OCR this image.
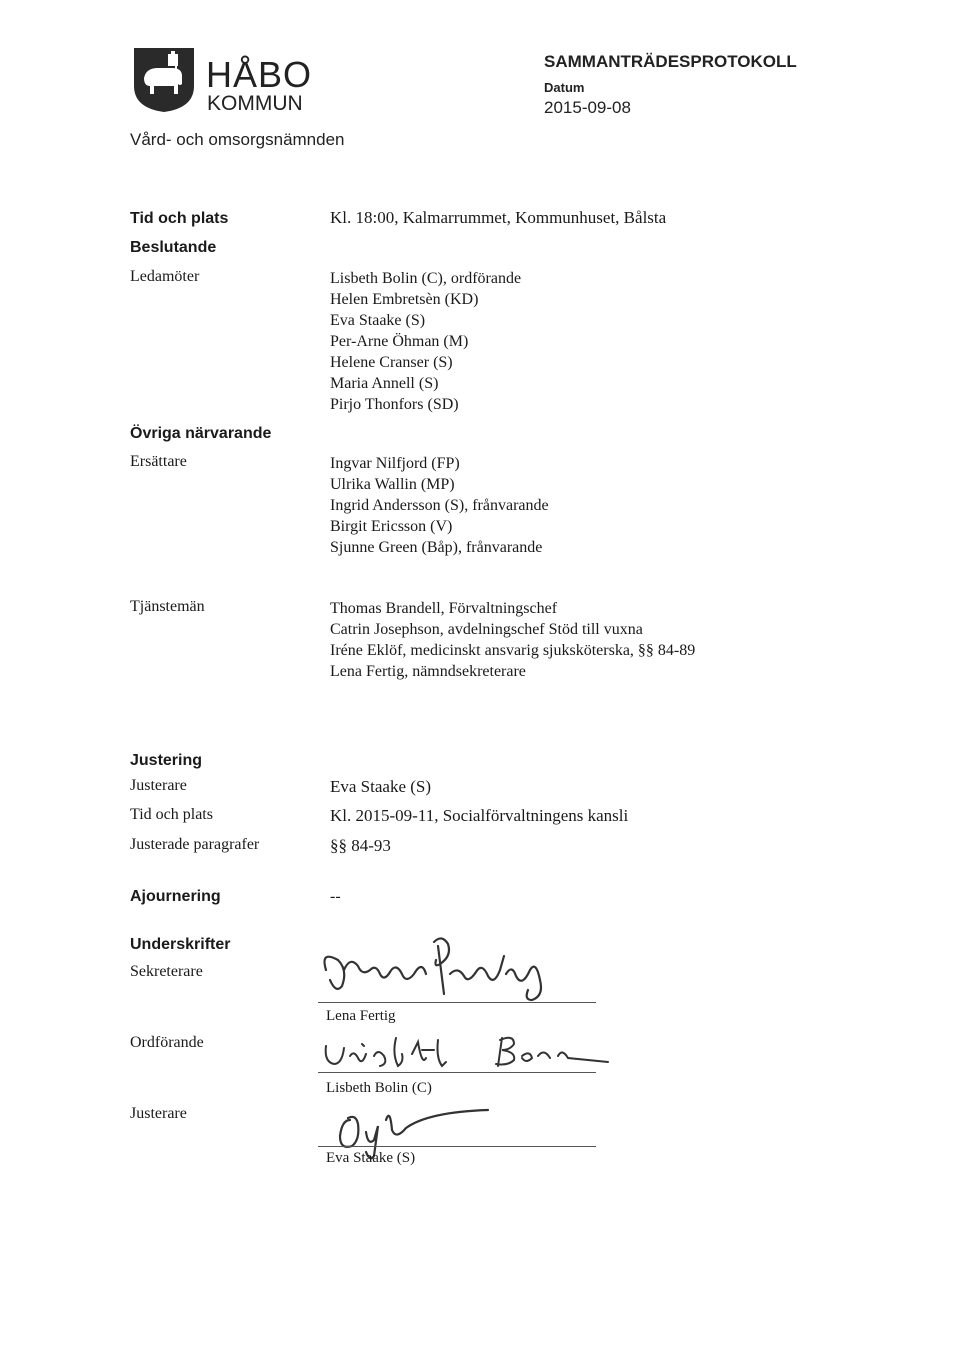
HÅBO
KOMMUN
Vård- och omsorgsnämnden
SAMMANTRÄDESPROTOKOLL
Datum
2015-09-08
Tid och plats	Kl. 18:00, Kalmarrummet, Kommunhuset, Bålsta
Beslutande
Ledamöter	Lisbeth Bolin (C), ordförande

Helen Embretsèn (KD)

Eva Staake (S)

Per-Arne Öhman (M)

Helene Cranser (S)

Maria Annell (S)

Pirjo Thonfors (SD)

Övriga närvarande
Ersättare	Ingvar Nilfjord (FP)

Ulrika Wallin (MP)

Ingrid Andersson (S), frånvarande

Birgit Ericsson (V)

Sjunne Green (Båp), frånvarande

Tjänstemän	Thomas Brandell, Förvaltningschef

Catrin Josephson, avdelningschef Stöd till vuxna

Iréne Eklöf, medicinskt ansvarig sjuksköterska, §§ 84-89

Lena Fertig, nämndsekreterare

Justering
Justerare	Eva Staake (S)
Tid och plats	Kl. 2015-09-11, Socialförvaltningens kansli
Justerade paragrafer	§§ 84-93
Ajournering	--
Underskrifter
Sekreterare
Lena Fertig
Ordförande
Lisbeth Bolin (C)
Justerare
Eva Staake (S)
